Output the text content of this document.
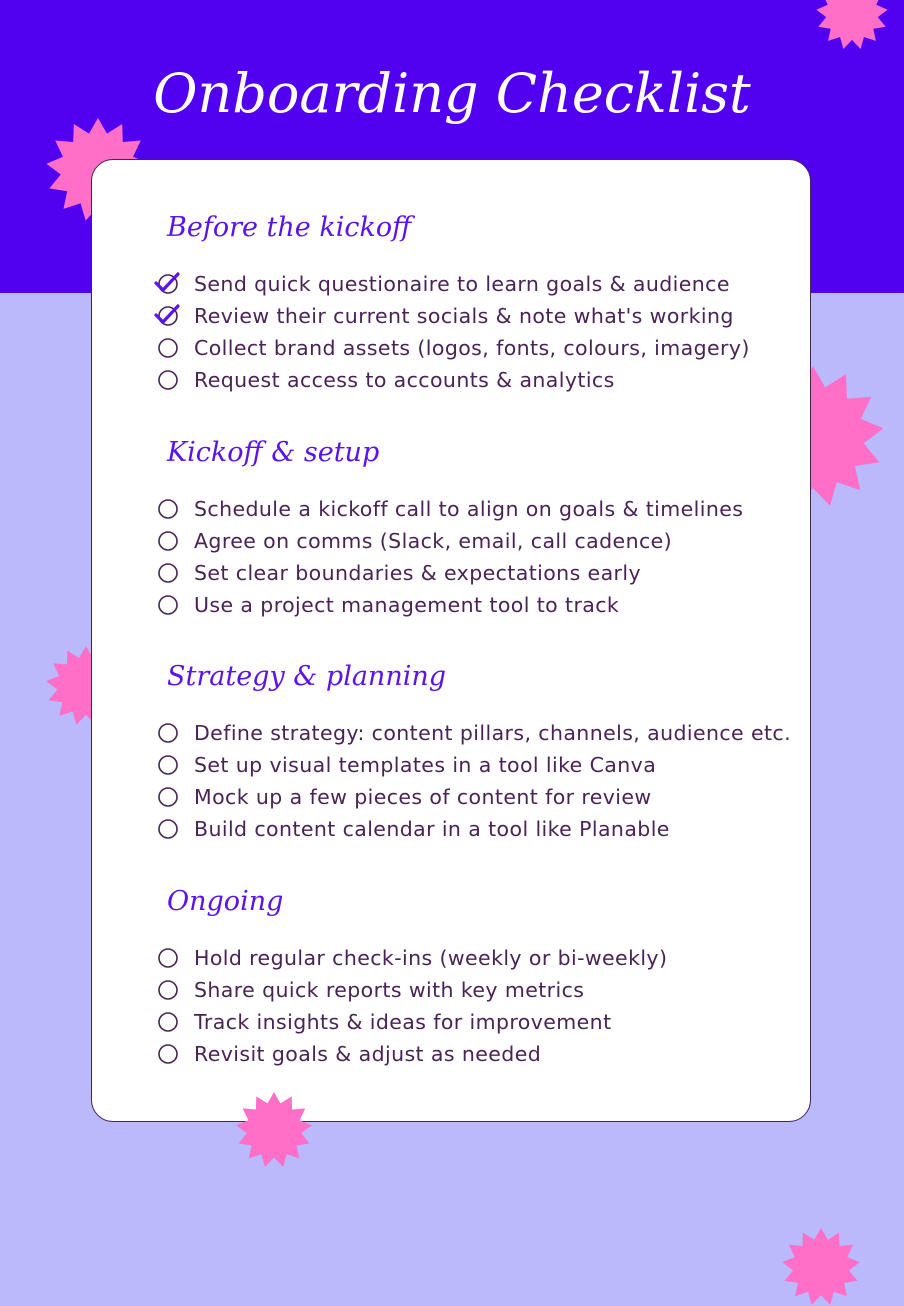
Onboarding Checklist
Before the kickoff
Send quick questionaire to learn goals & audience
Review their current socials & note what's working
Collect brand assets (logos, fonts, colours, imagery)
Request access to accounts & analytics
Kickoff & setup
Schedule a kickoff call to align on goals & timelines
Agree on comms (Slack, email, call cadence)
Set clear boundaries & expectations early
Use a project management tool to track
Strategy & planning
Define strategy: content pillars, channels, audience etc.
Set up visual templates in a tool like Canva
Mock up a few pieces of content for review
Build content calendar in a tool like Planable
Ongoing
Hold regular check-ins (weekly or bi-weekly)
Share quick reports with key metrics
Track insights & ideas for improvement
Revisit goals & adjust as needed
